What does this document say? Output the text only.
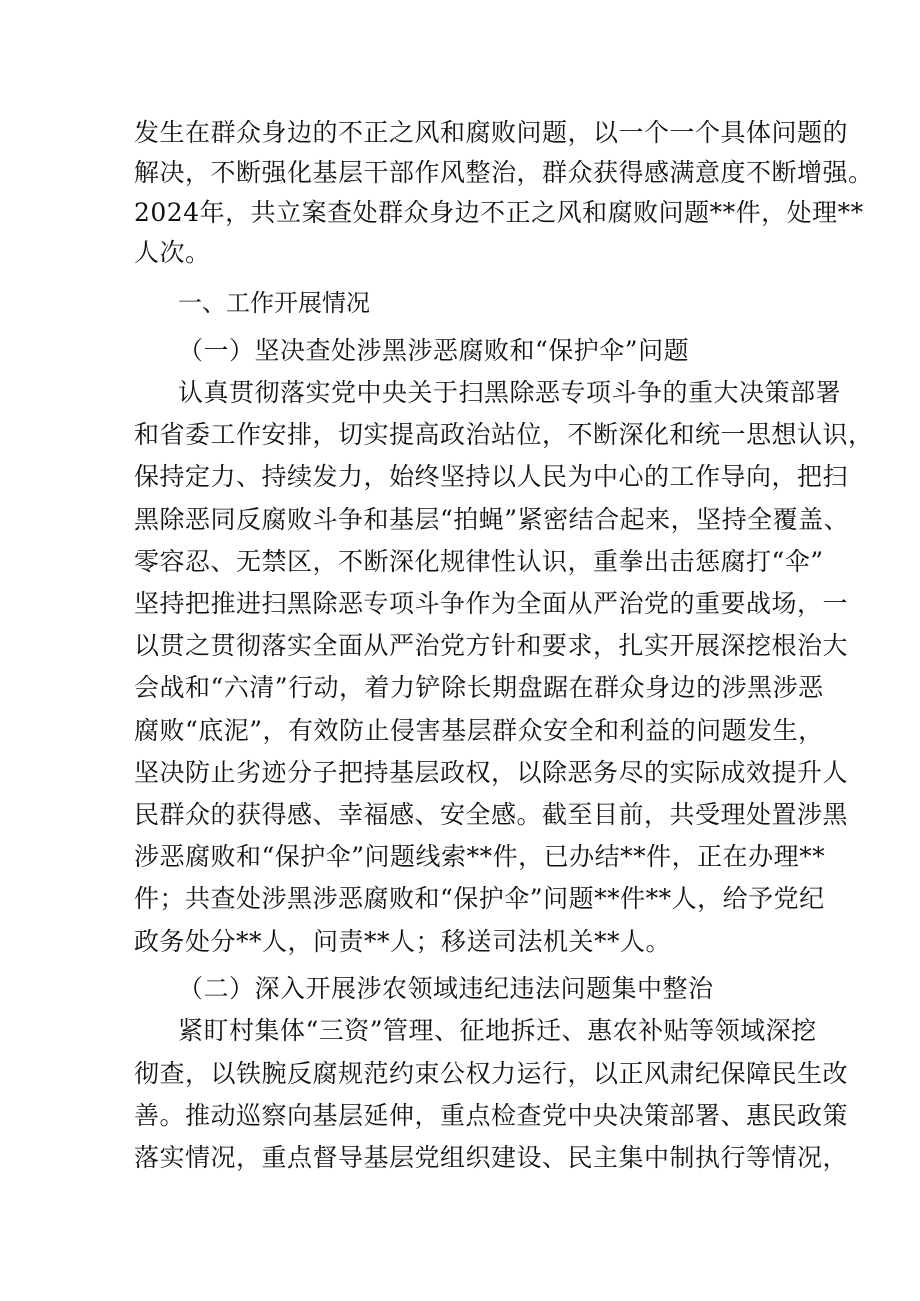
发生在群众身边的不正之风和腐败问题，以一个一个具体问题的
解决，不断强化基层干部作风整治，群众获得感满意度不断增强。
2024年，共立案查处群众身边不正之风和腐败问题**件，处理**
人次。
一、工作开展情况
（一）坚决查处涉黑涉恶腐败和“保护伞”问题
认真贯彻落实党中央关于扫黑除恶专项斗争的重大决策部署
和省委工作安排，切实提高政治站位，不断深化和统一思想认识，
保持定力、持续发力，始终坚持以人民为中心的工作导向，把扫
黑除恶同反腐败斗争和基层“拍蝇”紧密结合起来，坚持全覆盖、
零容忍、无禁区，不断深化规律性认识，重拳出击惩腐打“伞”
坚持把推进扫黑除恶专项斗争作为全面从严治党的重要战场，一
以贯之贯彻落实全面从严治党方针和要求，扎实开展深挖根治大
会战和“六清”行动，着力铲除长期盘踞在群众身边的涉黑涉恶
腐败“底泥”，有效防止侵害基层群众安全和利益的问题发生，
坚决防止劣迹分子把持基层政权，以除恶务尽的实际成效提升人
民群众的获得感、幸福感、安全感。截至目前，共受理处置涉黑
涉恶腐败和“保护伞”问题线索**件，已办结**件，正在办理**
件；共查处涉黑涉恶腐败和“保护伞”问题**件**人，给予党纪
政务处分**人，问责**人；移送司法机关**人。
（二）深入开展涉农领域违纪违法问题集中整治
紧盯村集体“三资”管理、征地拆迁、惠农补贴等领域深挖
彻查，以铁腕反腐规范约束公权力运行，以正风肃纪保障民生改
善。推动巡察向基层延伸，重点检查党中央决策部署、惠民政策
落实情况，重点督导基层党组织建设、民主集中制执行等情况，
